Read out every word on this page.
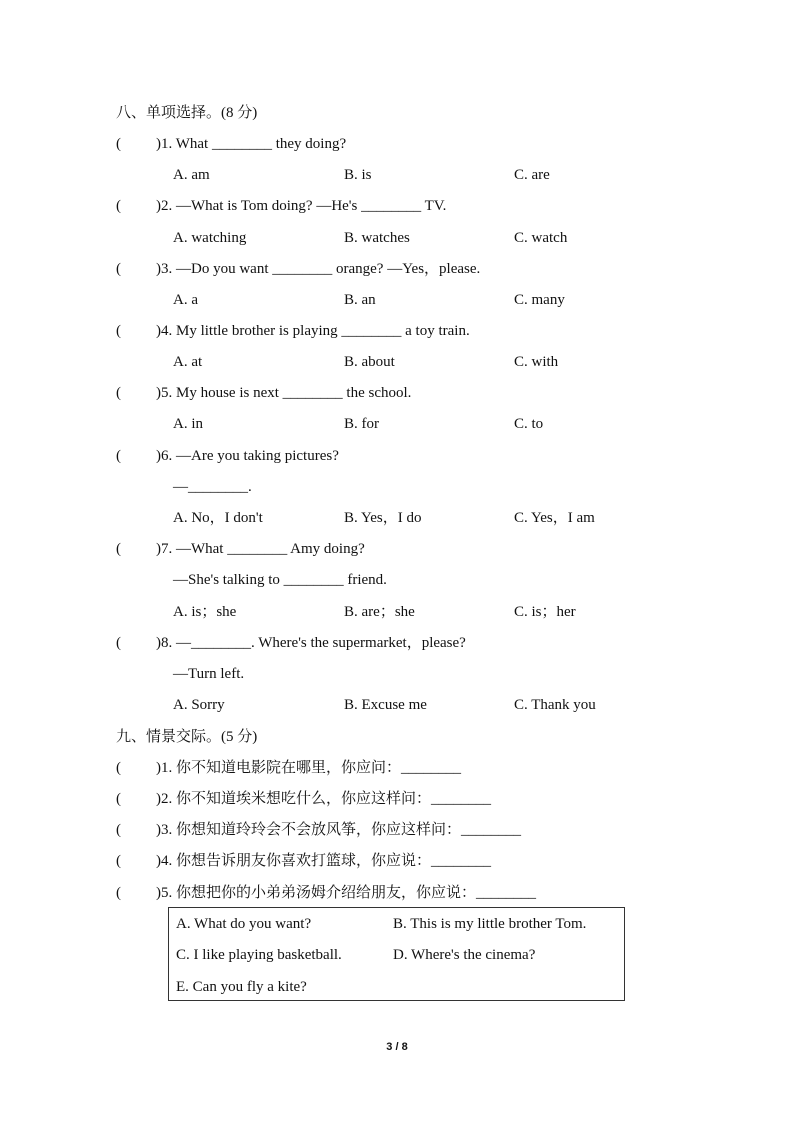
八、单项选择。(8 分)
( )1. What ________ they doing?
A. am	B. is	C. are
( )2. —What is Tom doing? —He's ________ TV.
A. watching	B. watches	C. watch
( )3. —Do you want ________ orange? —Yes，please.
A. a	B. an	C. many
( )4. My little brother is playing ________ a toy train.
A. at	B. about	C. with
( )5. My house is next ________ the school.
A. in	B. for	C. to
( )6. —Are you taking pictures?
—________.
A. No，I don't	B. Yes，I do	C. Yes，I am
( )7. —What ________ Amy doing?
—She's talking to ________ friend.
A. is；she	B. are；she	C. is；her
( )8. —________. Where's the supermarket，please?
—Turn left.
A. Sorry	B. Excuse me	C. Thank you
九、情景交际。(5 分)
( )1. 你不知道电影院在哪里，你应问：________
( )2. 你不知道埃米想吃什么，你应这样问：________
( )3. 你想知道玲玲会不会放风筝，你应这样问：________
( )4. 你想告诉朋友你喜欢打篮球，你应说：________
( )5. 你想把你的小弟弟汤姆介绍给朋友，你应说：________
A. What do you want?	B. This is my little brother Tom.
C. I like playing basketball.	D. Where's the cinema?
E. Can you fly a kite?
3 / 8
